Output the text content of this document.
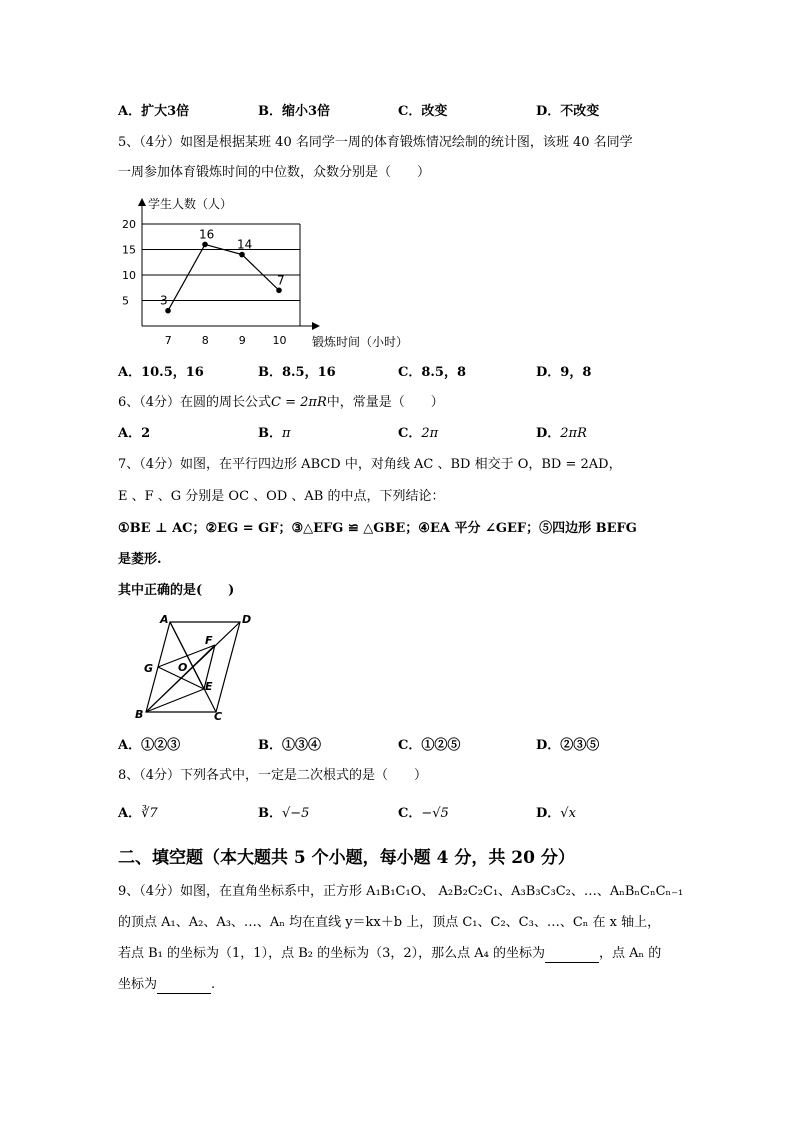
A．扩大3倍	B．缩小3倍	C．改变	D．不改变
5、（4分）如图是根据某班 40 名同学一周的体育锻炼情况绘制的统计图，该班 40 名同学
一周参加体育锻炼时间的中位数，众数分别是（　　）
5
10
15
20
7	8	9 10
学生人数（人）
锻炼时间（小时）
3
16
14
7
A．10.5，16	B．8.5，16	C．8.5，8	D．9，8
6、（4分）在圆的周长公式C = 2πR中，常量是（　　）
A．2	B．π	C．2π	D．2πR
7、（4分）如图，在平行四边形 ABCD 中，对角线 AC 、BD 相交于 O，BD = 2AD，
E 、F 、G 分别是 OC 、OD 、AB 的中点，下列结论：
①BE ⊥ AC；②EG = GF；③△EFG ≌ △GBE；④EA 平分 ∠GEF；⑤四边形 BEFG
是菱形.
其中正确的是(　　)
A	D
F
G O
E
B	C
A．①②③	B．①③④	C．①②⑤	D．②③⑤
8、（4分）下列各式中，一定是二次根式的是（　　）
A．∛7	B．√−5	C．−√5	D．√x
二、填空题（本大题共 5 个小题，每小题 4 分，共 20 分）
9、（4分）如图，在直角坐标系中，正方形 A₁B₁C₁O、 A₂B₂C₂C₁、A₃B₃C₃C₂、…、AₙBₙCₙCₙ₋₁
的顶点 A₁、A₂、A₃、…、Aₙ 均在直线 y＝kx＋b 上，顶点 C₁、C₂、C₃、…、Cₙ 在 x 轴上，
若点 B₁ 的坐标为（1，1），点 B₂ 的坐标为（3，2），那么点 A₄ 的坐标为	，点 Aₙ 的
坐标为	.
